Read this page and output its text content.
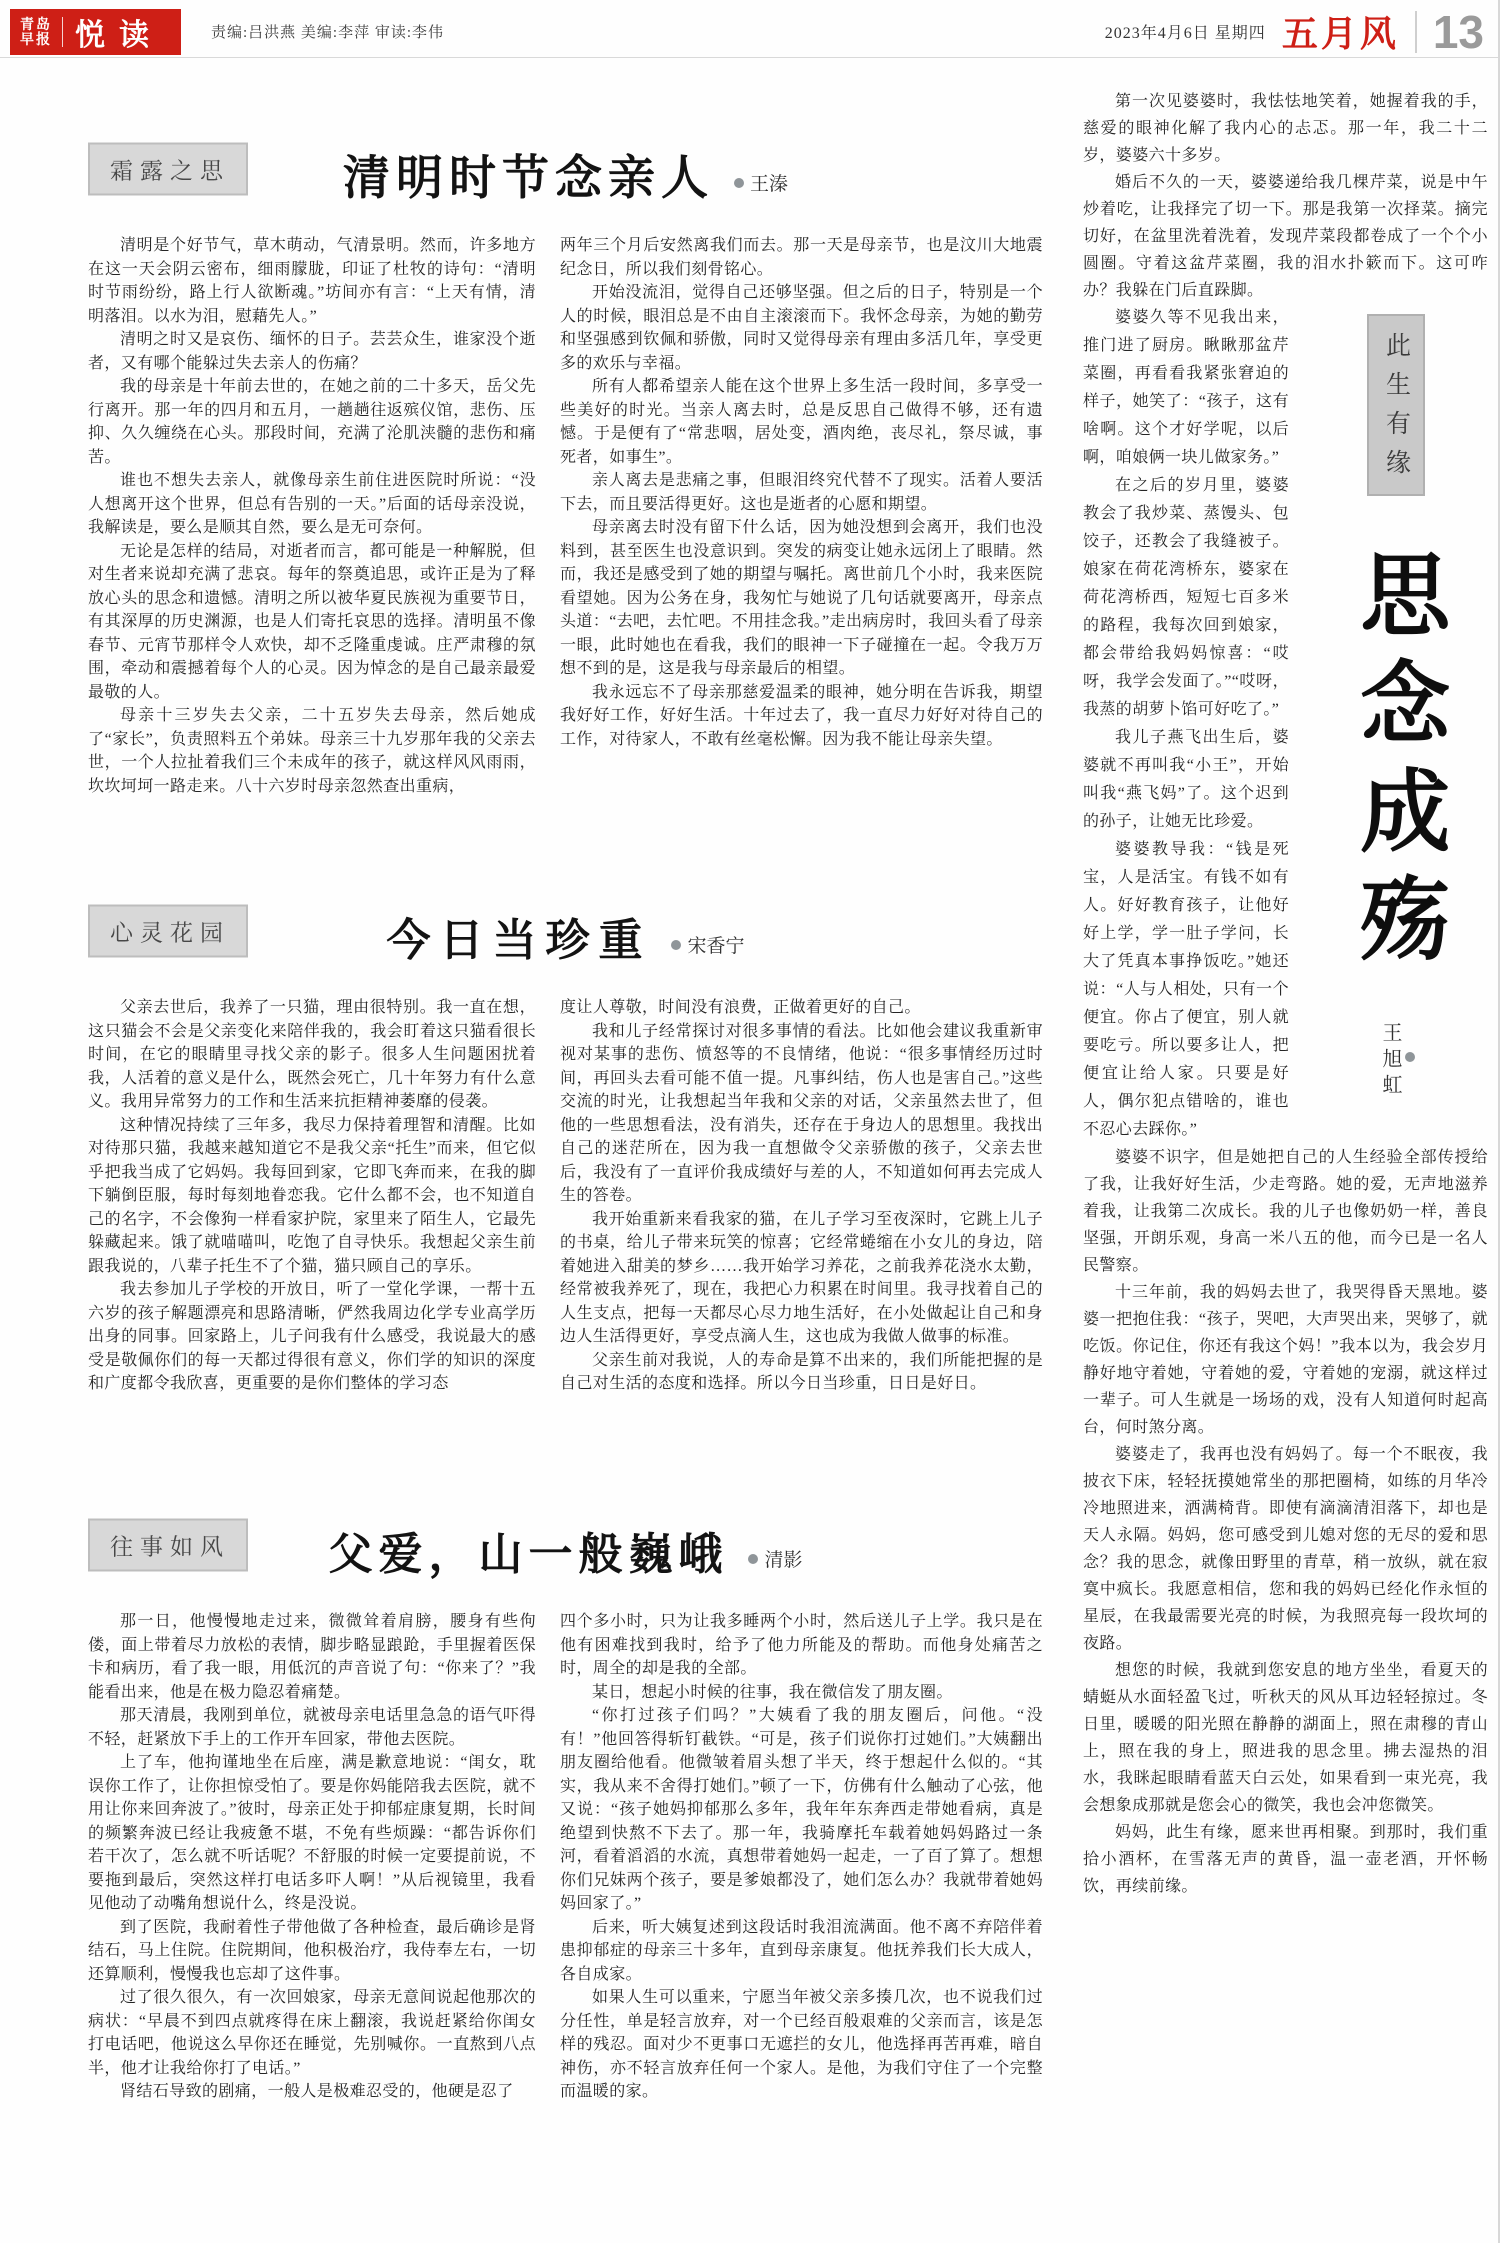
青岛
早报 悦读	责编:吕洪燕 美编:李萍 审读:李伟	2023年4月6日 星期四 五月风 13
霜露之思	清明时节念亲人 王溱

清明是个好节气，草木萌动，气清景明。然而，许多地方在这一天会阴云密布，细雨朦胧，印证了杜牧的诗句：“清明时节雨纷纷，路上行人欲断魂。”坊间亦有言：“上天有情，清明落泪。以水为泪，慰藉先人。”

清明之时又是哀伤、缅怀的日子。芸芸众生，谁家没个逝者，又有哪个能躲过失去亲人的伤痛？

我的母亲是十年前去世的，在她之前的二十多天，岳父先行离开。那一年的四月和五月，一趟趟往返殡仪馆，悲伤、压抑、久久缠绕在心头。那段时间，充满了沦肌浃髓的悲伤和痛苦。

谁也不想失去亲人，就像母亲生前住进医院时所说：“没人想离开这个世界，但总有告别的一天。”后面的话母亲没说，我解读是，要么是顺其自然，要么是无可奈何。

无论是怎样的结局，对逝者而言，都可能是一种解脱，但对生者来说却充满了悲哀。每年的祭奠追思，或许正是为了释放心头的思念和遗憾。清明之所以被华夏民族视为重要节日，有其深厚的历史渊源，也是人们寄托哀思的选择。清明虽不像春节、元宵节那样令人欢快，却不乏隆重虔诚。庄严肃穆的氛围，牵动和震撼着每个人的心灵。因为悼念的是自己最亲最爱最敬的人。

母亲十三岁失去父亲，二十五岁失去母亲，然后她成了“家长”，负责照料五个弟妹。母亲三十九岁那年我的父亲去世，一个人拉扯着我们三个未成年的孩子，就这样风风雨雨，坎坎坷坷一路走来。八十六岁时母亲忽然查出重病，

两年三个月后安然离我们而去。那一天是母亲节，也是汶川大地震纪念日，所以我们刻骨铭心。

开始没流泪，觉得自己还够坚强。但之后的日子，特别是一个人的时候，眼泪总是不由自主滚滚而下。我怀念母亲，为她的勤劳和坚强感到钦佩和骄傲，同时又觉得母亲有理由多活几年，享受更多的欢乐与幸福。

所有人都希望亲人能在这个世界上多生活一段时间，多享受一些美好的时光。当亲人离去时，总是反思自己做得不够，还有遗憾。于是便有了“常悲咽，居处变，酒肉绝，丧尽礼，祭尽诚，事死者，如事生”。

亲人离去是悲痛之事，但眼泪终究代替不了现实。活着人要活下去，而且要活得更好。这也是逝者的心愿和期望。

母亲离去时没有留下什么话，因为她没想到会离开，我们也没料到，甚至医生也没意识到。突发的病变让她永远闭上了眼睛。然而，我还是感受到了她的期望与嘱托。离世前几个小时，我来医院看望她。因为公务在身，我匆忙与她说了几句话就要离开，母亲点头道：“去吧，去忙吧。不用挂念我。”走出病房时，我回头看了母亲一眼，此时她也在看我，我们的眼神一下子碰撞在一起。令我万万想不到的是，这是我与母亲最后的相望。

我永远忘不了母亲那慈爱温柔的眼神，她分明在告诉我，期望我好好工作，好好生活。十年过去了，我一直尽力好好对待自己的工作，对待家人，不敢有丝毫松懈。因为我不能让母亲失望。

心灵花园	今日当珍重 宋香宁

父亲去世后，我养了一只猫，理由很特别。我一直在想，这只猫会不会是父亲变化来陪伴我的，我会盯着这只猫看很长时间，在它的眼睛里寻找父亲的影子。很多人生问题困扰着我，人活着的意义是什么，既然会死亡，几十年努力有什么意义。我用异常努力的工作和生活来抗拒精神萎靡的侵袭。

这种情况持续了三年多，我尽力保持着理智和清醒。比如对待那只猫，我越来越知道它不是我父亲“托生”而来，但它似乎把我当成了它妈妈。我每回到家，它即飞奔而来，在我的脚下躺倒臣服，每时每刻地眷恋我。它什么都不会，也不知道自己的名字，不会像狗一样看家护院，家里来了陌生人，它最先躲藏起来。饿了就喵喵叫，吃饱了自寻快乐。我想起父亲生前跟我说的，八辈子托生不了个猫，猫只顾自己的享乐。

我去参加儿子学校的开放日，听了一堂化学课，一帮十五六岁的孩子解题漂亮和思路清晰，俨然我周边化学专业高学历出身的同事。回家路上，儿子问我有什么感受，我说最大的感受是敬佩你们的每一天都过得很有意义，你们学的知识的深度和广度都令我欣喜，更重要的是你们整体的学习态

度让人尊敬，时间没有浪费，正做着更好的自己。

我和儿子经常探讨对很多事情的看法。比如他会建议我重新审视对某事的悲伤、愤怒等的不良情绪，他说：“很多事情经历过时间，再回头去看可能不值一提。凡事纠结，伤人也是害自己。”这些交流的时光，让我想起当年我和父亲的对话，父亲虽然去世了，但他的一些思想看法，没有消失，还存在于身边人的思想里。我找出自己的迷茫所在，因为我一直想做令父亲骄傲的孩子，父亲去世后，我没有了一直评价我成绩好与差的人，不知道如何再去完成人生的答卷。

我开始重新来看我家的猫，在儿子学习至夜深时，它跳上儿子的书桌，给儿子带来玩笑的惊喜；它经常蜷缩在小女儿的身边，陪着她进入甜美的梦乡……我开始学习养花，之前我养花浇水太勤，经常被我养死了，现在，我把心力积累在时间里。我寻找着自己的人生支点，把每一天都尽心尽力地生活好，在小处做起让自己和身边人生活得更好，享受点滴人生，这也成为我做人做事的标准。

父亲生前对我说，人的寿命是算不出来的，我们所能把握的是自己对生活的态度和选择。所以今日当珍重，日日是好日。

往事如风	父爱，山一般巍峨 清影

那一日，他慢慢地走过来，微微耸着肩膀，腰身有些佝偻，面上带着尽力放松的表情，脚步略显踉跄，手里握着医保卡和病历，看了我一眼，用低沉的声音说了句：“你来了？”我能看出来，他是在极力隐忍着痛楚。

那天清晨，我刚到单位，就被母亲电话里急急的语气吓得不轻，赶紧放下手上的工作开车回家，带他去医院。

上了车，他拘谨地坐在后座，满是歉意地说：“闺女，耽误你工作了，让你担惊受怕了。要是你妈能陪我去医院，就不用让你来回奔波了。”彼时，母亲正处于抑郁症康复期，长时间的频繁奔波已经让我疲惫不堪，不免有些烦躁：“都告诉你们若干次了，怎么就不听话呢？不舒服的时候一定要提前说，不要拖到最后，突然这样打电话多吓人啊！”从后视镜里，我看见他动了动嘴角想说什么，终是没说。

到了医院，我耐着性子带他做了各种检查，最后确诊是肾结石，马上住院。住院期间，他积极治疗，我侍奉左右，一切还算顺利，慢慢我也忘却了这件事。

过了很久很久，有一次回娘家，母亲无意间说起他那次的病状：“早晨不到四点就疼得在床上翻滚，我说赶紧给你闺女打电话吧，他说这么早你还在睡觉，先别喊你。一直熬到八点半，他才让我给你打了电话。”

肾结石导致的剧痛，一般人是极难忍受的，他硬是忍了

四个多小时，只为让我多睡两个小时，然后送儿子上学。我只是在他有困难找到我时，给予了他力所能及的帮助。而他身处痛苦之时，周全的却是我的全部。

某日，想起小时候的往事，我在微信发了朋友圈。

“你打过孩子们吗？”大姨看了我的朋友圈后，问他。“没有！”他回答得斩钉截铁。“可是，孩子们说你打过她们。”大姨翻出朋友圈给他看。他微皱着眉头想了半天，终于想起什么似的。“其实，我从来不舍得打她们。”顿了一下，仿佛有什么触动了心弦，他又说：“孩子她妈抑郁那么多年，我年年东奔西走带她看病，真是绝望到快熬不下去了。那一年，我骑摩托车载着她妈妈路过一条河，看着滔滔的水流，真想带着她妈一起走，一了百了算了。想想你们兄妹两个孩子，要是爹娘都没了，她们怎么办？我就带着她妈妈回家了。”

后来，听大姨复述到这段话时我泪流满面。他不离不弃陪伴着患抑郁症的母亲三十多年，直到母亲康复。他抚养我们长大成人，各自成家。

如果人生可以重来，宁愿当年被父亲多揍几次，也不说我们过分任性，单是轻言放弃，对一个已经百般艰难的父亲而言，该是怎样的残忍。面对少不更事口无遮拦的女儿，他选择再苦再难，暗自神伤，亦不轻言放弃任何一个家人。是他，为我们守住了一个完整而温暖的家。

第一次见婆婆时，我怯怯地笑着，她握着我的手，慈爱的眼神化解了我内心的忐忑。那一年，我二十二岁，婆婆六十多岁。

婚后不久的一天，婆婆递给我几棵芹菜，说是中午炒着吃，让我择完了切一下。那是我第一次择菜。摘完切好，在盆里洗着洗着，发现芹菜段都卷成了一个个小圆圈。守着这盆芹菜圈，我的泪水扑簌而下。这可咋办？我躲在门后直跺脚。

婆婆久等不见我出来，推门进了厨房。瞅瞅那盆芹菜圈，再看看我紧张窘迫的样子，她笑了：“孩子，这有啥啊。这个才好学呢，以后啊，咱娘俩一块儿做家务。”

在之后的岁月里，婆婆教会了我炒菜、蒸馒头、包饺子，还教会了我缝被子。娘家在荷花湾桥东，婆家在荷花湾桥西，短短七百多米的路程，我每次回到娘家，都会带给我妈妈惊喜：“哎呀，我学会发面了。”“哎呀，我蒸的胡萝卜馅可好吃了。”

我儿子燕飞出生后，婆婆就不再叫我“小王”，开始叫我“燕飞妈”了。这个迟到的孙子，让她无比珍爱。

婆婆教导我：“钱是死宝，人是活宝。有钱不如有人。好好教育孩子，让他好好上学，学一肚子学问，长大了凭真本事挣饭吃。”她还说：“人与人相处，只有一个便宜。你占了便宜，别人就要吃亏。所以要多让人，把便宜让给人家。只要是好人，偶尔犯点错啥的，谁也不忍心去踩你。”

此生有缘
思念成殇
王旭虹

婆婆不识字，但是她把自己的人生经验全部传授给了我，让我好好生活，少走弯路。她的爱，无声地滋养着我，让我第二次成长。我的儿子也像奶奶一样，善良坚强，开朗乐观，身高一米八五的他，而今已是一名人民警察。

十三年前，我的妈妈去世了，我哭得昏天黑地。婆婆一把抱住我：“孩子，哭吧，大声哭出来，哭够了，就吃饭。你记住，你还有我这个妈！”我本以为，我会岁月静好地守着她，守着她的爱，守着她的宠溺，就这样过一辈子。可人生就是一场场的戏，没有人知道何时起高台，何时煞分离。

婆婆走了，我再也没有妈妈了。每一个不眠夜，我披衣下床，轻轻抚摸她常坐的那把圈椅，如练的月华冷冷地照进来，洒满椅背。即使有滴滴清泪落下，却也是天人永隔。妈妈，您可感受到儿媳对您的无尽的爱和思念？我的思念，就像田野里的青草，稍一放纵，就在寂寞中疯长。我愿意相信，您和我的妈妈已经化作永恒的星辰，在我最需要光亮的时候，为我照亮每一段坎坷的夜路。

想您的时候，我就到您安息的地方坐坐，看夏天的蜻蜓从水面轻盈飞过，听秋天的风从耳边轻轻掠过。冬日里，暖暖的阳光照在静静的湖面上，照在肃穆的青山上，照在我的身上，照进我的思念里。拂去湿热的泪水，我眯起眼睛看蓝天白云处，如果看到一束光亮，我会想象成那就是您会心的微笑，我也会冲您微笑。

妈妈，此生有缘，愿来世再相聚。到那时，我们重拾小酒杯，在雪落无声的黄昏，温一壶老酒，开怀畅饮，再续前缘。
